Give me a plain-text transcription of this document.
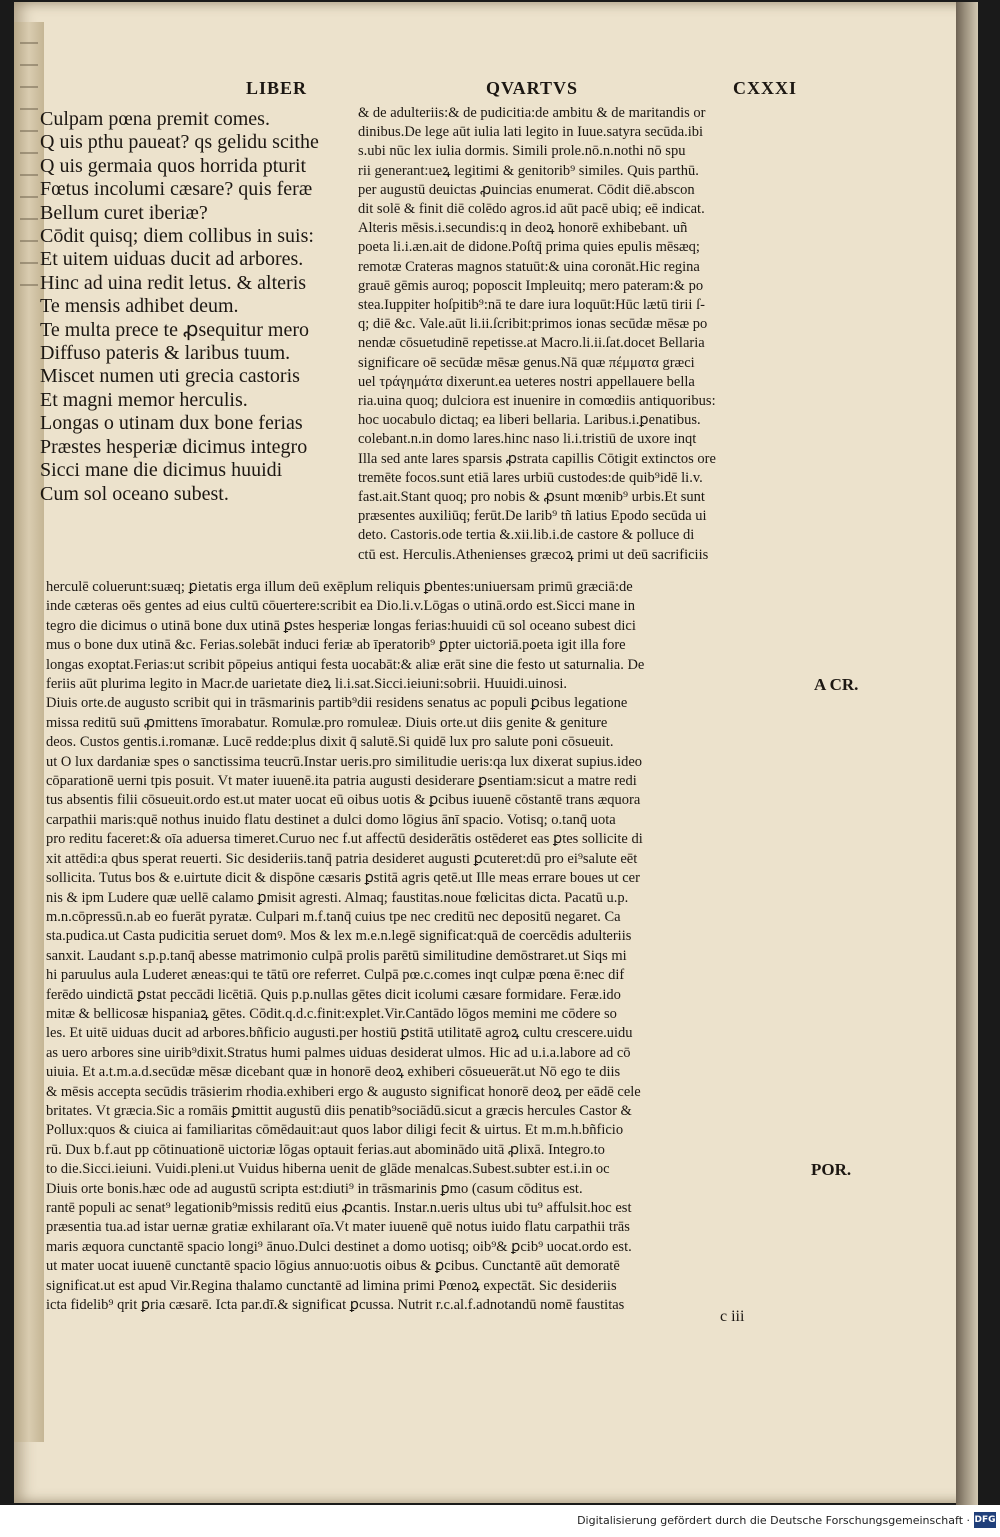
LIBER	QVARTVS	CXXXI
Culpam pœna premit comes.
Q uis pthu paueat? qs gelidu scithe
Q uis germaia quos horrida pturit
Fœtus incolumi cæsare? quis feræ
Bellum curet iberiæ?
Cōdit quisq; diem collibus in suis:
Et uitem uiduas ducit ad arbores.
Hinc ad uina redit letus. & alteris
Te mensis adhibet deum.
Te multa prece te ꝓsequitur mero
Diffuso pateris & laribus tuum.
Miscet numen uti grecia castoris
Et magni memor herculis.
Longas o utinam dux bone ferias
Præstes hesperiæ dicimus integro
Sicci mane die dicimus huuidi
Cum sol oceano subest.
& de adulteriis:& de pudicitia:de ambitu & de maritandis or
dinibus.De lege aūt iulia lati legito in Iuue.satyra secūda.ibi
s.ubi nūc lex iulia dormis. Simili prole.nō.n.nothi nō spu
rii generant:ueꝝ legitimi & genitorib⁹ similes. Quis parthū.
per augustū deuictas ꝓuincias enumerat. Cōdit diē.abscon
dit solē & finit diē colēdo agros.id aūt pacē ubiq; eē indicat.
Alteris mēsis.i.secundis:q in deoꝝ honorē exhibebant. uñ
poeta li.i.æn.ait de didone.Poſtq̄ prima quies epulis mēsæq;
remotæ Crateras magnos statuūt:& uina coronāt.Hic regina
grauē gēmis auroq; poposcit Impleuitq; mero pateram:& po
stea.Iuppiter hoſpitib⁹:nā te dare iura loquūt:Hūc lætū tirii ſ-
q; diē &c. Vale.aūt li.ii.ſcribit:primos ionas secūdæ mēsæ po
nendæ cōsuetudinē repetisse.at Macro.li.ii.ſat.docet Bellaria
significare oē secūdæ mēsæ genus.Nā quæ πέμματα græci
uel τράγημάτα dixerunt.ea ueteres nostri appellauere bella
ria.uina quoq; dulciora est inuenire in comœdiis antiquoribus:
hoc uocabulo dictaq; ea liberi bellaria. Laribus.i.ꝑenatibus.
colebant.n.in domo lares.hinc naso li.i.tristiū de uxore inqt
Illa sed ante lares sparsis ꝓstrata capillis Cōtigit extinctos ore
tremēte focos.sunt etiā lares urbiū custodes:de quib⁹idē li.v.
fast.ait.Stant quoq; pro nobis & ꝓsunt mœnib⁹ urbis.Et sunt
præsentes auxiliūq; ferūt.De larib⁹ tñ latius Epodo secūda ui
deto. Castoris.ode tertia &.xii.lib.i.de castore & polluce di
ctū est. Herculis.Athenienses græcoꝝ primi ut deū sacrificiis
herculē coluerunt:suæq; ꝑietatis erga illum deū exēplum reliquis ꝑbentes:uniuersam primū græciā:de
inde cæteras oēs gentes ad eius cultū cōuertere:scribit ea Dio.li.v.Lōgas o utinā.ordo est.Sicci mane in
tegro die dicimus o utinā bone dux utinā ꝑstes hesperiæ longas ferias:huuidi cū sol oceano subest dici
mus o bone dux utinā &c. Ferias.solebāt induci feriæ ab īperatorib⁹ ꝑpter uictoriā.poeta igit illa fore
longas exoptat.Ferias:ut scribit pōpeius antiqui festa uocabāt:& aliæ erāt sine die festo ut saturnalia. De
feriis aūt plurima legito in Macr.de uarietate dieꝝ li.i.sat.Sicci.ieiuni:sobrii. Huuidi.uinosi.
Diuis orte.de augusto scribit qui in trāsmarinis partib⁹dii residens senatus ac populi ꝑcibus legatione
missa reditū suū ꝓmittens īmorabatur. Romulæ.pro romuleæ. Diuis orte.ut diis genite & geniture
deos. Custos gentis.i.romanæ. Lucē redde:plus dixit q̄ salutē.Si quidē lux pro salute poni cōsueuit.
ut O lux dardaniæ spes o sanctissima teucrū.Instar ueris.pro similitudie ueris:qa lux dixerat supius.ideo
cōparationē uerni tpis posuit. Vt mater iuuenē.ita patria augusti desiderare ꝑsentiam:sicut a matre redi
tus absentis filii cōsueuit.ordo est.ut mater uocat eū oibus uotis & ꝑcibus iuuenē cōstantē trans æquora
carpathii maris:quē nothus inuido flatu destinet a dulci domo lōgius ānī spacio. Votisq; o.tanq̄ uota
pro reditu faceret:& oīa aduersa timeret.Curuo nec f.ut affectū desiderātis ostēderet eas ꝑtes sollicite di
xit attēdi:a qbus sperat reuerti. Sic desideriis.tanq̄ patria desideret augusti ꝑcuteret:dū pro ei⁹salute eēt
sollicita. Tutus bos & e.uirtute dicit & dispōne cæsaris ꝑstitā agris qetē.ut Ille meas errare boues ut cer
nis & ipm Ludere quæ uellē calamo ꝑmisit agresti. Almaq; faustitas.noue fœlicitas dicta. Pacatū u.p.
m.n.cōpressū.n.ab eo fuerāt pyratæ. Culpari m.f.tanq̄ cuius tpe nec creditū nec depositū negaret. Ca
sta.pudica.ut Casta pudicitia seruet domꝰ. Mos & lex m.e.n.legē significat:quā de coercēdis adulteriis
sanxit. Laudant s.p.p.tanq̄ abesse matrimonio culpā prolis parētū similitudine demōstraret.ut Siqs mi
hi paruulus aula Luderet æneas:qui te tātū ore referret. Culpā pœ.c.comes inqt culpæ pœna ē:nec dif
ferēdo uindictā ꝑstat peccādi licētiā. Quis p.p.nullas gētes dicit icolumi cæsare formidare. Feræ.ido
mitæ & bellicosæ hispaniaꝝ gētes. Cōdit.q.d.c.finit:explet.Vir.Cantādo lōgos memini me cōdere so
les. Et uitē uiduas ducit ad arbores.bñficio augusti.per hostiū ꝑstitā utilitatē agroꝝ cultu crescere.uidu
as uero arbores sine uirib⁹dixit.Stratus humi palmes uiduas desiderat ulmos. Hic ad u.i.a.labore ad cō
uiuia. Et a.t.m.a.d.secūdæ mēsæ dicebant quæ in honorē deoꝝ exhiberi cōsueuerāt.ut Nō ego te diis
& mēsis accepta secūdis trāsierim rhodia.exhiberi ergo & augusto significat honorē deoꝝ per eādē cele
britates. Vt græcia.Sic a romāis ꝑmittit augustū diis penatib⁹sociādū.sicut a græcis hercules Castor &
Pollux:quos & ciuica ai familiaritas cōmēdauit:aut quos labor diligi fecit & uirtus. Et m.m.h.bñficio
rū. Dux b.f.aut pp cōtinuationē uictoriæ lōgas optauit ferias.aut abominādo uitā ꝓlixā. Integro.to
to die.Sicci.ieiuni. Vuidi.pleni.ut Vuidus hiberna uenit de glāde menalcas.Subest.subter est.i.in oc
Diuis orte bonis.hæc ode ad augustū scripta est:diuti⁹ in trāsmarinis ꝑmo (casum cōditus est.
rantē populi ac senat⁹ legationib⁹missis reditū eius ꝓcantis. Instar.n.ueris ultus ubi tu⁹ affulsit.hoc est
præsentia tua.ad istar uernæ gratiæ exhilarant oīa.Vt mater iuuenē quē notus iuido flatu carpathii trās
maris æquora cunctantē spacio longi⁹ ānuo.Dulci destinet a domo uotisq; oib⁹& ꝑcib⁹ uocat.ordo est.
ut mater uocat iuuenē cunctantē spacio lōgius annuo:uotis oibus & ꝑcibus. Cunctantē aūt demoratē
significat.ut est apud Vir.Regina thalamo cunctantē ad limina primi Pœnoꝝ expectāt. Sic desideriis
icta fidelib⁹ qrit ꝑria cæsarē. Icta par.dī.& significat ꝑcussa. Nutrit r.c.al.f.adnotandū nomē faustitas
A CR.
POR.
c iii
Digitalisierung gefördert durch die Deutsche Forschungsgemeinschaft · DFG
